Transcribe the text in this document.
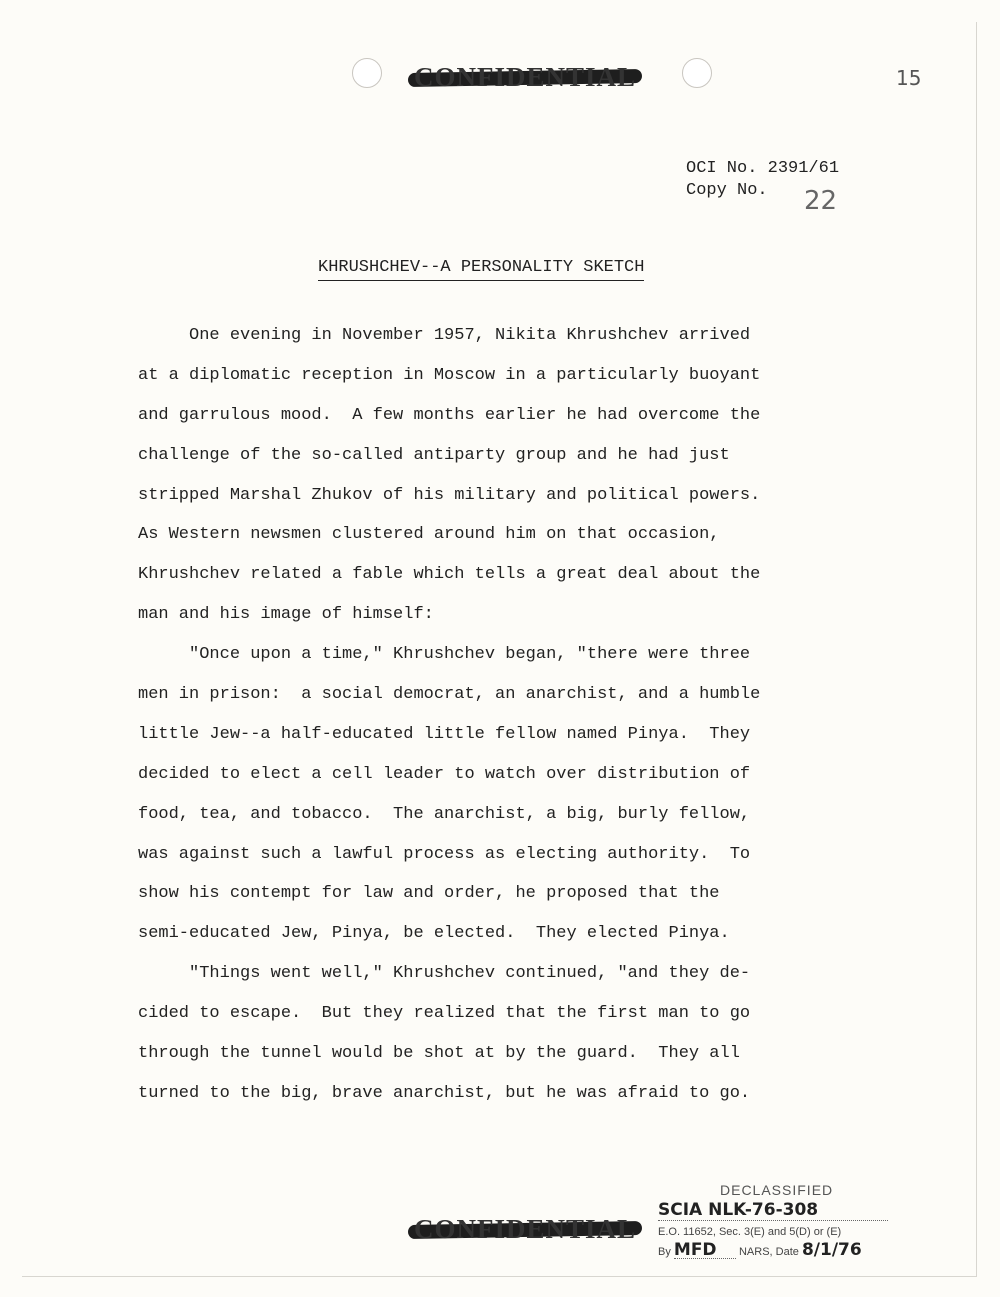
CONFIDENTIAL	15
OCI No. 2391/61
Copy No.	22
KHRUSHCHEV--A PERSONALITY SKETCH
One evening in November 1957, Nikita Khrushchev arrived
at a diplomatic reception in Moscow in a particularly buoyant
and garrulous mood.  A few months earlier he had overcome the
challenge of the so-called antiparty group and he had just
stripped Marshal Zhukov of his military and political powers.
As Western newsmen clustered around him on that occasion,
Khrushchev related a fable which tells a great deal about the
man and his image of himself:
"Once upon a time," Khrushchev began, "there were three
men in prison:  a social democrat, an anarchist, and a humble
little Jew--a half-educated little fellow named Pinya.  They
decided to elect a cell leader to watch over distribution of
food, tea, and tobacco.  The anarchist, a big, burly fellow,
was against such a lawful process as electing authority.  To
show his contempt for law and order, he proposed that the
semi-educated Jew, Pinya, be elected.  They elected Pinya.
"Things went well," Khrushchev continued, "and they de-
cided to escape.  But they realized that the first man to go
through the tunnel would be shot at by the guard.  They all
turned to the big, brave anarchist, but he was afraid to go.
CONFIDENTIAL
DECLASSIFIED
SCIA NLK-76-308
E.O. 11652, Sec. 3(E) and 5(D) or (E)
By MFD NARS, Date 8/1/76
